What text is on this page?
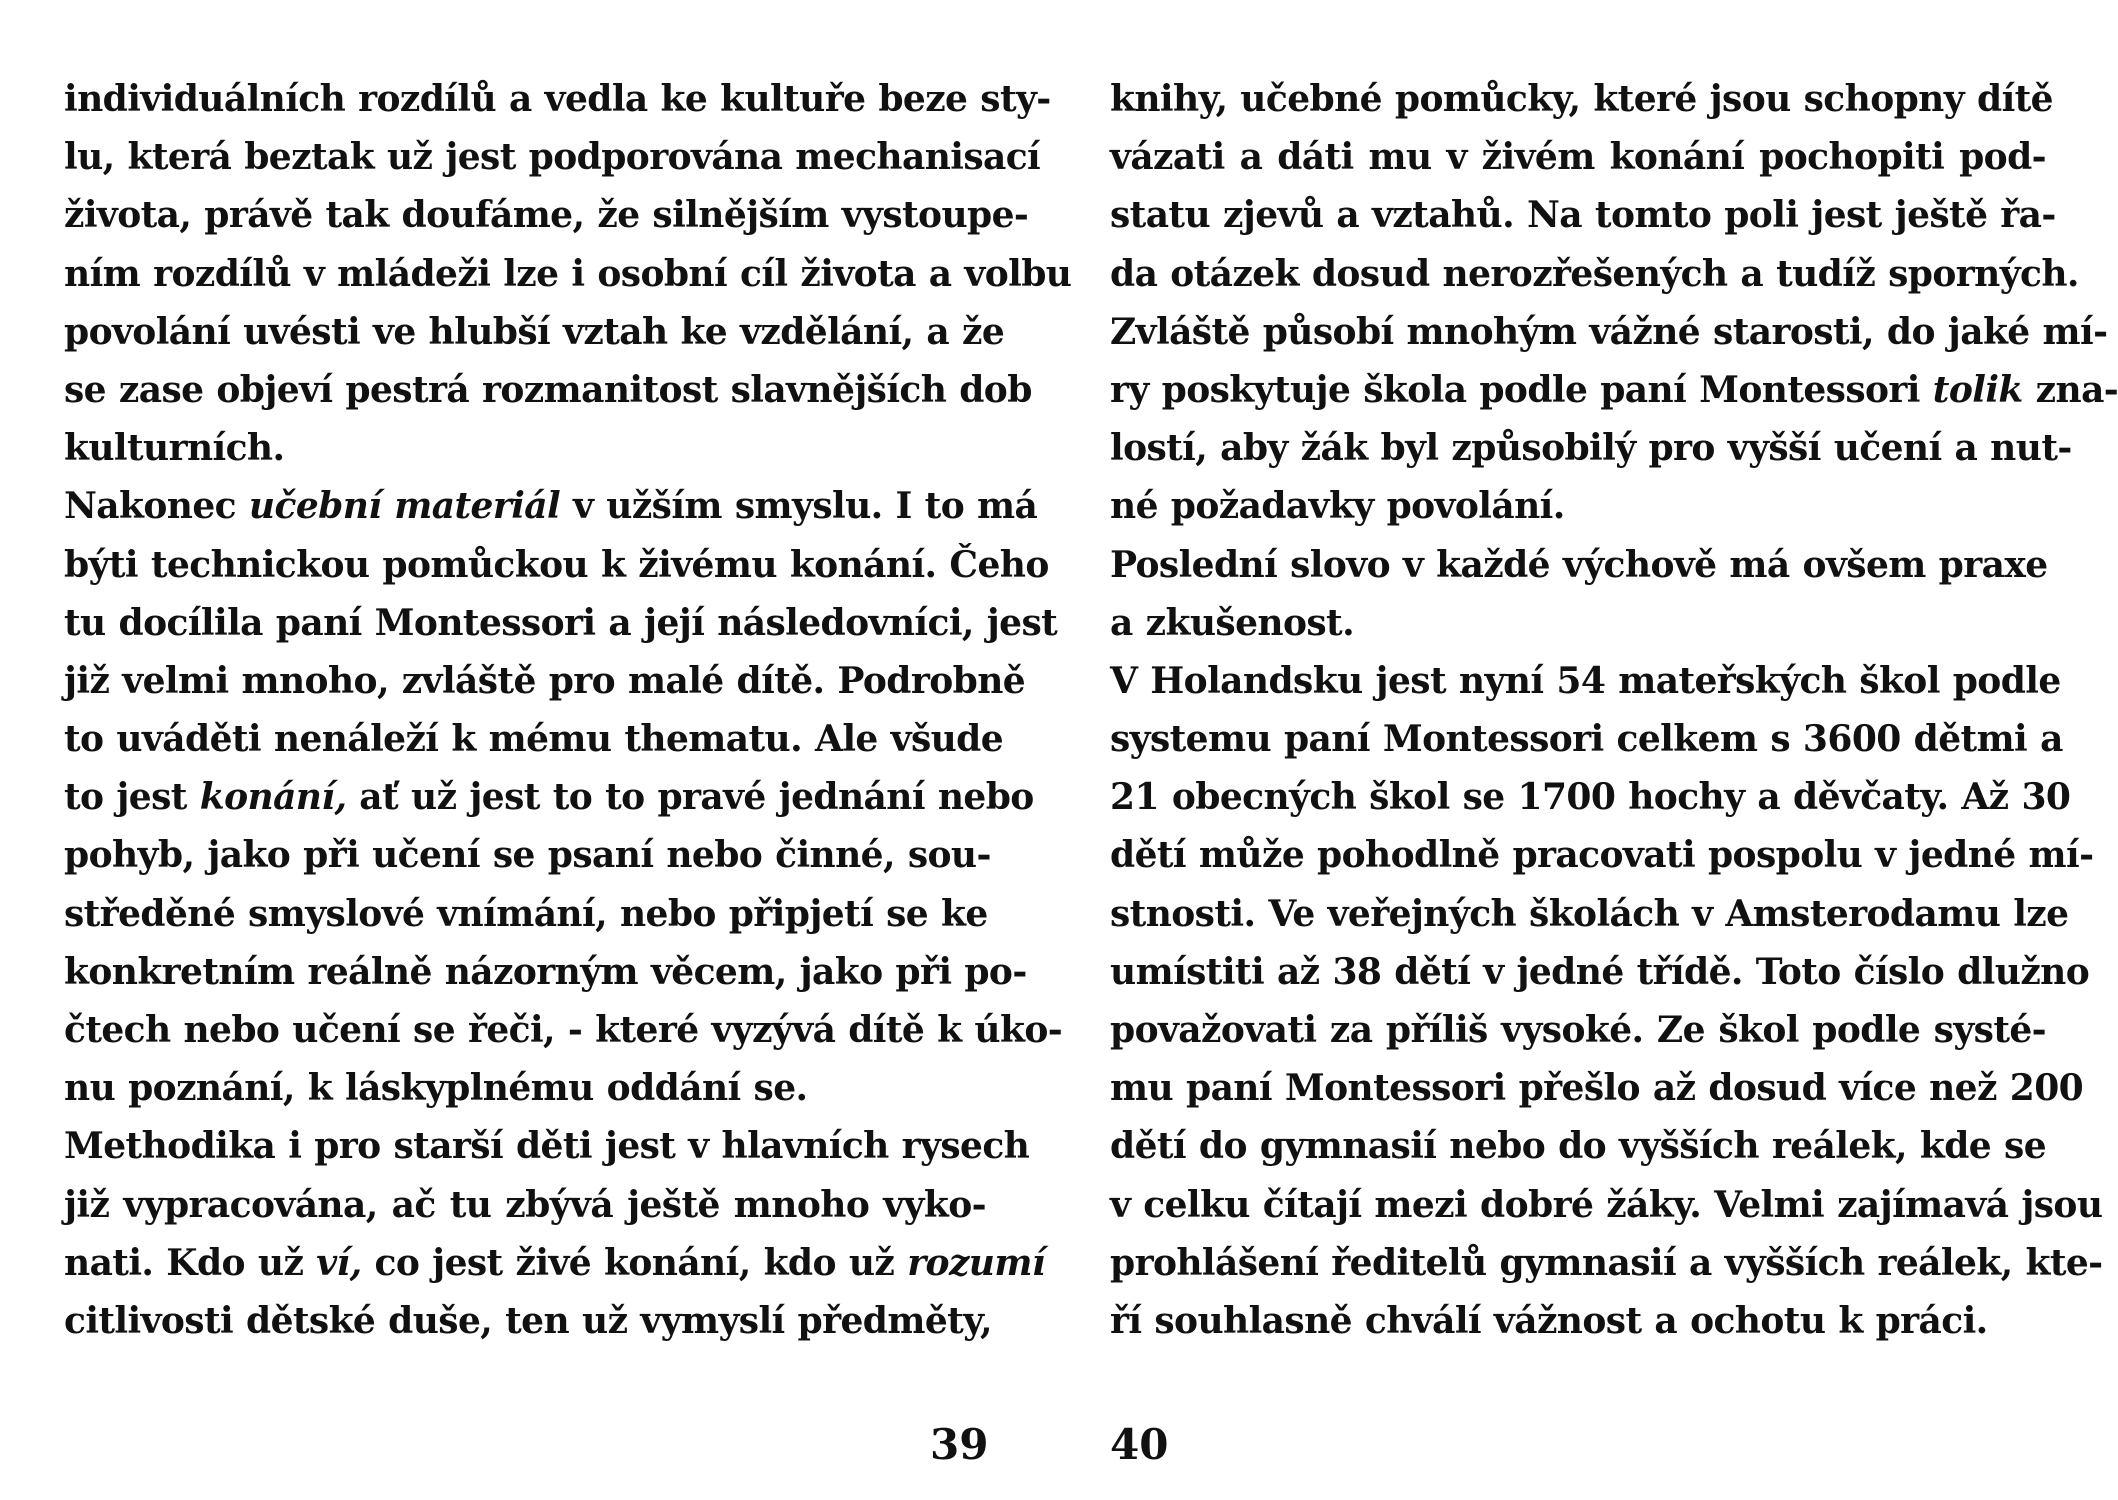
individuálních rozdílů a vedla ke kultuře beze sty-
lu, která beztak už jest podporována mechanisací
života, právě tak doufáme, že silnějším vystoupe-
ním rozdílů v mládeži lze i osobní cíl života a volbu
povolání uvésti ve hlubší vztah ke vzdělání, a že
se zase objeví pestrá rozmanitost slavnějších dob
kulturních.
Nakonec učební materiál v užším smyslu. I to má
býti technickou pomůckou k živému konání. Čeho
tu docílila paní Montessori a její následovníci, jest
již velmi mnoho, zvláště pro malé dítě. Podrobně
to uváděti nenáleží k mému thematu. Ale všude
to jest konání, ať už jest to to pravé jednání nebo
pohyb, jako při učení se psaní nebo činné, sou-
středěné smyslové vnímání, nebo připjetí se ke
konkretním reálně názorným věcem, jako při po-
čtech nebo učení se řeči, - které vyzývá dítě k úko-
nu poznání, k láskyplnému oddání se.
Methodika i pro starší děti jest v hlavních rysech
již vypracována, ač tu zbývá ještě mnoho vyko-
nati. Kdo už ví, co jest živé konání, kdo už rozumí
citlivosti dětské duše, ten už vymyslí předměty,
knihy, učebné pomůcky, které jsou schopny dítě
vázati a dáti mu v živém konání pochopiti pod-
statu zjevů a vztahů. Na tomto poli jest ještě řa-
da otázek dosud nerozřešených a tudíž sporných.
Zvláště působí mnohým vážné starosti, do jaké mí-
ry poskytuje škola podle paní Montessori tolik zna-
lostí, aby žák byl způsobilý pro vyšší učení a nut-
né požadavky povolání.
Poslední slovo v každé výchově má ovšem praxe
a zkušenost.
V Holandsku jest nyní 54 mateřských škol podle
systemu paní Montessori celkem s 3600 dětmi a
21 obecných škol se 1700 hochy a děvčaty. Až 30
dětí může pohodlně pracovati pospolu v jedné mí-
stnosti. Ve veřejných školách v Amsterodamu lze
umístiti až 38 dětí v jedné třídě. Toto číslo dlužno
považovati za příliš vysoké. Ze škol podle systé-
mu paní Montessori přešlo až dosud více než 200
dětí do gymnasií nebo do vyšších reálek, kde se
v celku čítají mezi dobré žáky. Velmi zajímavá jsou
prohlášení ředitelů gymnasií a vyšších reálek, kte-
ří souhlasně chválí vážnost a ochotu k práci.
39	40
